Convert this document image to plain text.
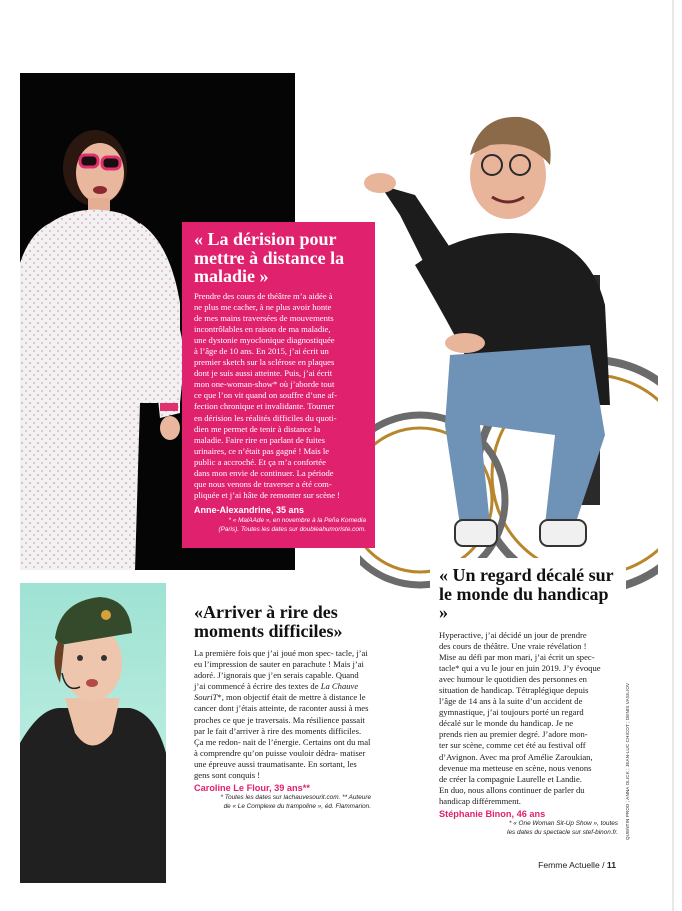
« La dérision pour mettre à distance la maladie »
Prendre des cours de théâtre m’a aidée à
ne plus me cacher, à ne plus avoir honte
de mes mains traversées de mouvements
incontrôlables en raison de ma maladie,
une dystonie myoclonique diagnostiquée
à l’âge de 10 ans. En 2015, j’ai écrit un
premier sketch sur la sclérose en plaques
dont je suis aussi atteinte. Puis, j’ai écrit
mon one-woman-show* où j’aborde tout
ce que l’on vit quand on souffre d’une af-
fection chronique et invalidante. Tourner
en dérision les réalités difficiles du quoti-
dien me permet de tenir à distance la
maladie. Faire rire en parlant de fuites
urinaires, ce n’était pas gagné ! Mais le
public a accroché. Et ça m’a confortée
dans mon envie de continuer. La période
que nous venons de traverser a été com-
pliquée et j’ai hâte de remonter sur scène !
Anne-Alexandrine, 35 ans
* « MalAAde », en novembre à la Peña Komedia
(Paris). Toutes les dates sur doubleahumoriste.com.
«Arriver à rire des moments difficiles»
La première fois que j’ai joué mon spec- tacle, j’ai eu l’impression de sauter en parachute ! Mais j’ai adoré. J’ignorais que j’en serais capable. Quand j’ai commencé à écrire des textes de La Chauve SouriT*, mon objectif était de mettre à distance le cancer dont j’étais atteinte, de raconter aussi à mes proches ce que je traversais. Ma résilience passait par le fait d’arriver à rire des moments difficiles. Ça me redon- nait de l’énergie. Certains ont du mal à comprendre qu’on puisse vouloir dédra- matiser une épreuve aussi traumatisante. En sortant, les gens sont conquis !
Caroline Le Flour, 39 ans**
* Toutes les dates sur lachauvesourit.com. ** Auteure
de « Le Complexe du trampoline », éd. Flammarion.
« Un regard décalé sur le monde du handicap »
Hyperactive, j’ai décidé un jour de prendre
des cours de théâtre. Une vraie révélation !
Mise au défi par mon mari, j’ai écrit un spec-
tacle* qui a vu le jour en juin 2019. J’y évoque
avec humour le quotidien des personnes en
situation de handicap. Tétraplégique depuis
l’âge de 14 ans à la suite d’un accident de
gymnastique, j’ai toujours porté un regard
décalé sur le monde du handicap. Je ne
prends rien au premier degré. J’adore mon-
ter sur scène, comme cet été au festival off
d’Avignon. Avec ma prof Amélie Zaroukian,
devenue ma metteuse en scène, nous venons
de créer la compagnie Laurelle et Landie.
En duo, nous allons continuer de parler du
handicap différemment.
Stéphanie Binon, 46 ans
* « One Woman Sit-Up Show », toutes
les dates du spectacle sur stef-binon.fr. QUENTIN PROD ; ANNA OLICK ; JEAN-LUC CHICOT ; DENIS VASILIOV
Femme Actuelle / 11
